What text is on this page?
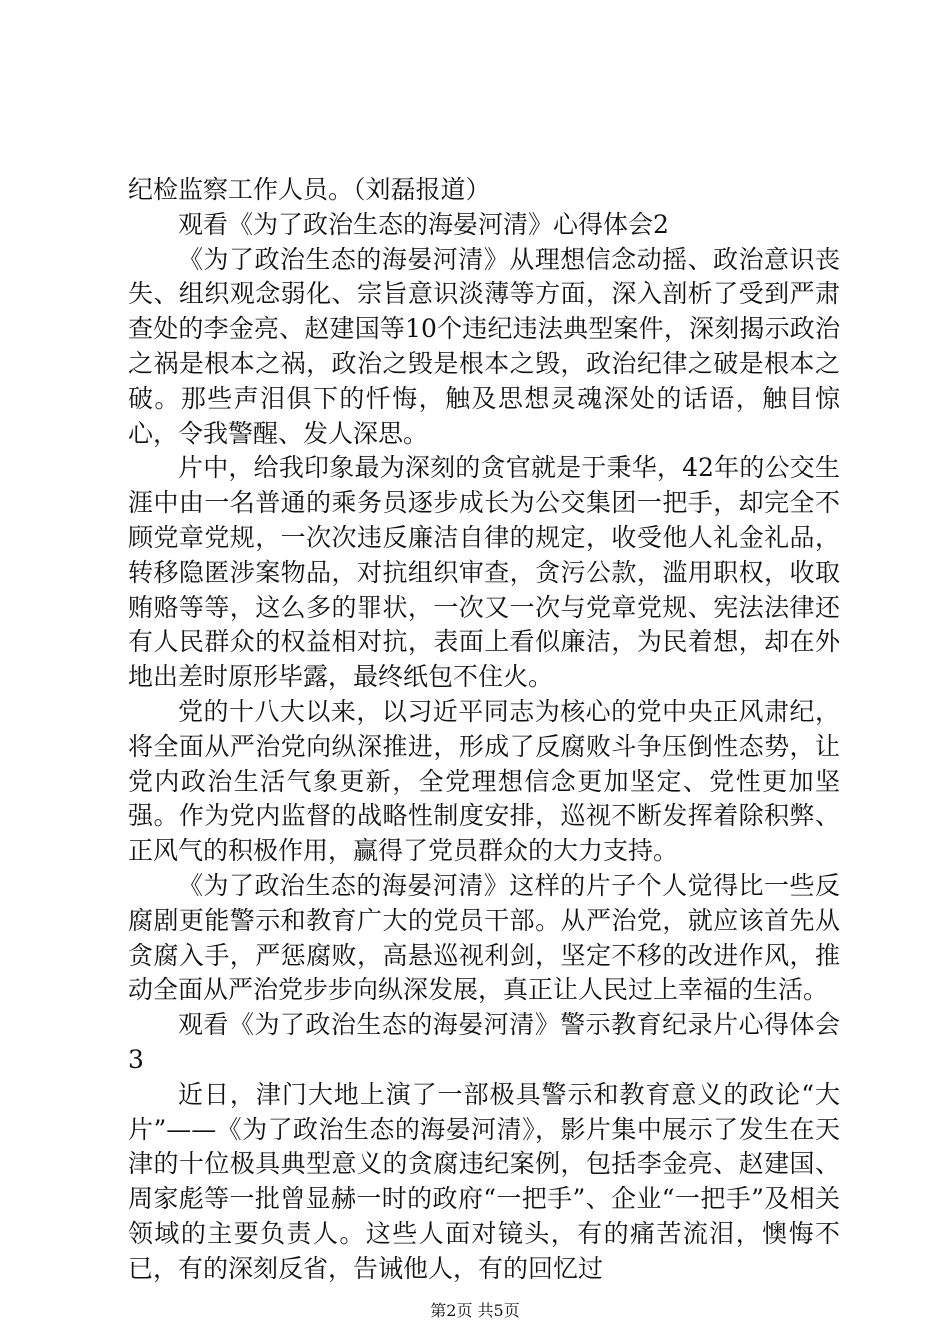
纪检监察工作人员。（刘磊报道）

观看《为了政治生态的海晏河清》心得体会2

《为了政治生态的海晏河清》从理想信念动摇、政治意识丧失、组织观念弱化、宗旨意识淡薄等方面，深入剖析了受到严肃查处的李金亮、赵建国等10个违纪违法典型案件，深刻揭示政治之祸是根本之祸，政治之毁是根本之毁，政治纪律之破是根本之破。那些声泪俱下的忏悔，触及思想灵魂深处的话语，触目惊心，令我警醒、发人深思。

片中，给我印象最为深刻的贪官就是于秉华，42年的公交生涯中由一名普通的乘务员逐步成长为公交集团一把手，却完全不顾党章党规，一次次违反廉洁自律的规定，收受他人礼金礼品，转移隐匿涉案物品，对抗组织审查，贪污公款，滥用职权，收取贿赂等等，这么多的罪状，一次又一次与党章党规、宪法法律还有人民群众的权益相对抗，表面上看似廉洁，为民着想，却在外地出差时原形毕露，最终纸包不住火。

党的十八大以来，以习近平同志为核心的党中央正风肃纪，将全面从严治党向纵深推进，形成了反腐败斗争压倒性态势，让党内政治生活气象更新，全党理想信念更加坚定、党性更加坚强。作为党内监督的战略性制度安排，巡视不断发挥着除积弊、正风气的积极作用，赢得了党员群众的大力支持。

《为了政治生态的海晏河清》这样的片子个人觉得比一些反腐剧更能警示和教育广大的党员干部。从严治党，就应该首先从贪腐入手，严惩腐败，高悬巡视利剑，坚定不移的改进作风，推动全面从严治党步步向纵深发展，真正让人民过上幸福的生活。

观看《为了政治生态的海晏河清》警示教育纪录片心得体会3

近日，津门大地上演了一部极具警示和教育意义的政论“大片”——《为了政治生态的海晏河清》，影片集中展示了发生在天津的十位极具典型意义的贪腐违纪案例，包括李金亮、赵建国、周家彪等一批曾显赫一时的政府“一把手”、企业“一把手”及相关领域的主要负责人。这些人面对镜头，有的痛苦流泪，懊悔不已，有的深刻反省，告诫他人，有的回忆过

第2页 共5页
